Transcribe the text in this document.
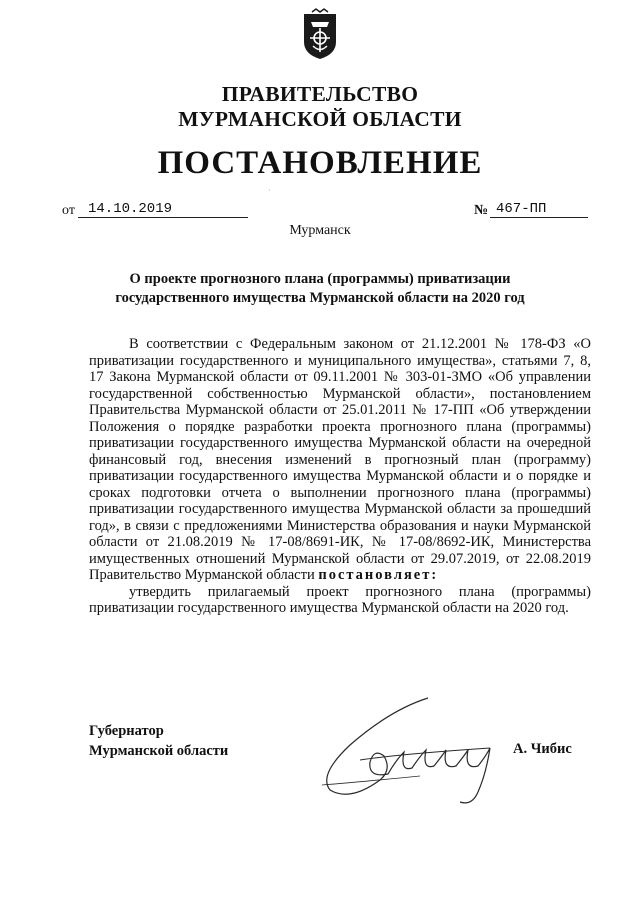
ПРАВИТЕЛЬСТВО
МУРМАНСКОЙ ОБЛАСТИ
ПОСТАНОВЛЕНИЕ
·
от 14.10.2019	№ 467-ПП
Мурманск
О проекте прогнозного плана (программы) приватизации
государственного имущества Мурманской области на 2020 год

В соответствии с Федеральным законом от 21.12.2001 № 178-ФЗ «О приватизации государственного и муниципального имущества», статьями 7, 8, 17 Закона Мурманской области от 09.11.2001 № 303-01-ЗМО «Об управлении государственной собственностью Мурманской области», постановлением Правительства Мурманской области от 25.01.2011 № 17-ПП «Об утверждении Положения о порядке разработки проекта прогнозного плана (программы) приватизации государственного имущества Мурманской области на очередной финансовый год, внесения изменений в прогнозный план (программу) приватизации государственного имущества Мурманской области и о порядке и сроках подготовки отчета о выполнении прогнозного плана (программы) приватизации государственного имущества Мурманской области за прошедший год», в связи с предложениями Министерства образования и науки Мурманской области от 21.08.2019 № 17-08/8691-ИК, № 17-08/8692-ИК, Министерства имущественных отношений Мурманской области от 29.07.2019, от 22.08.2019 Правительство Мурманской области постановляет:

утвердить прилагаемый проект прогнозного плана (программы) приватизации государственного имущества Мурманской области на 2020 год.

Губернатор
Мурманской области	А. Чибис
